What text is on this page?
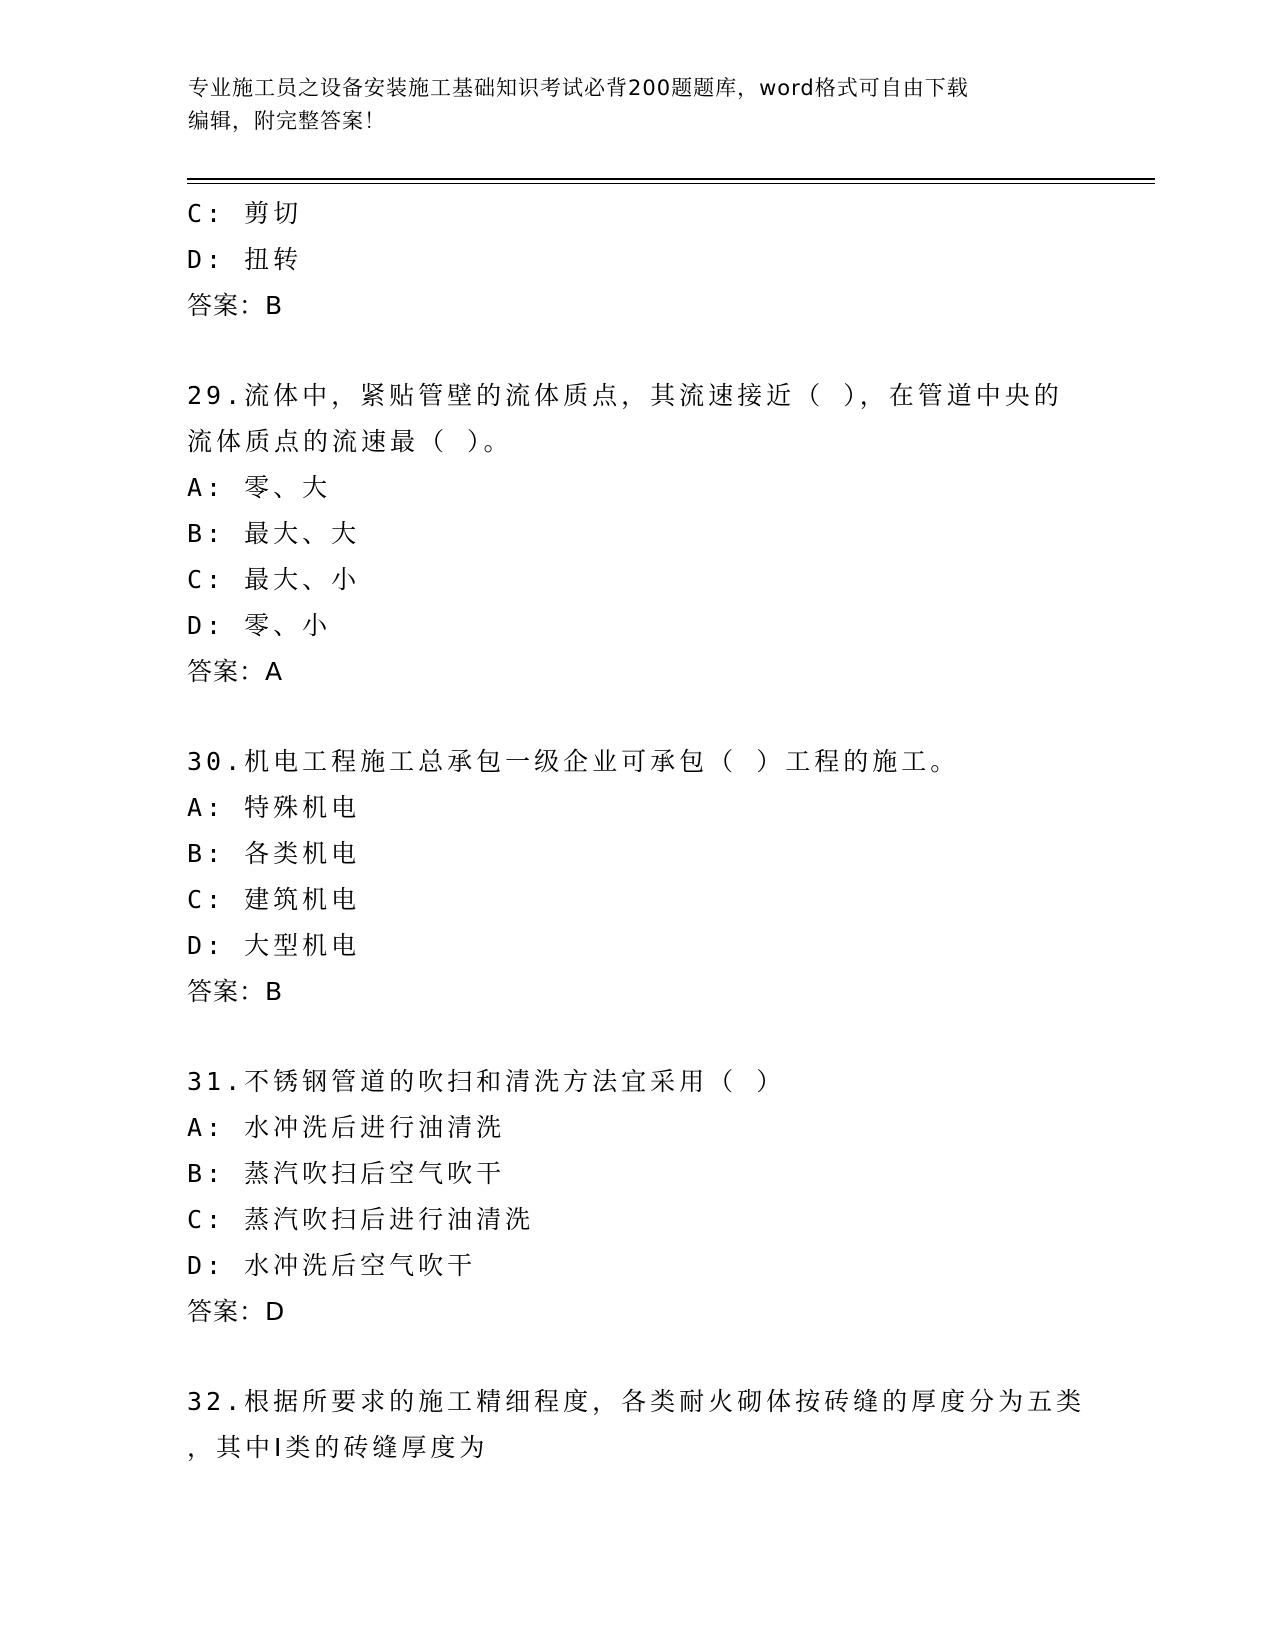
专业施工员之设备安装施工基础知识考试必背200题题库，word格式可自由下载
编辑，附完整答案！
C: 剪切
D: 扭转
答案：B
29.流体中，紧贴管壁的流体质点，其流速接近（ ），在管道中央的
流体质点的流速最（ ）。
A: 零、大
B: 最大、大
C: 最大、小
D: 零、小
答案：A
30.机电工程施工总承包一级企业可承包（ ）工程的施工。
A: 特殊机电
B: 各类机电
C: 建筑机电
D: 大型机电
答案：B
31.不锈钢管道的吹扫和清洗方法宜采用（ ）
A: 水冲洗后进行油清洗
B: 蒸汽吹扫后空气吹干
C: 蒸汽吹扫后进行油清洗
D: 水冲洗后空气吹干
答案：D
32.根据所要求的施工精细程度，各类耐火砌体按砖缝的厚度分为五类
，其中Ⅰ类的砖缝厚度为
